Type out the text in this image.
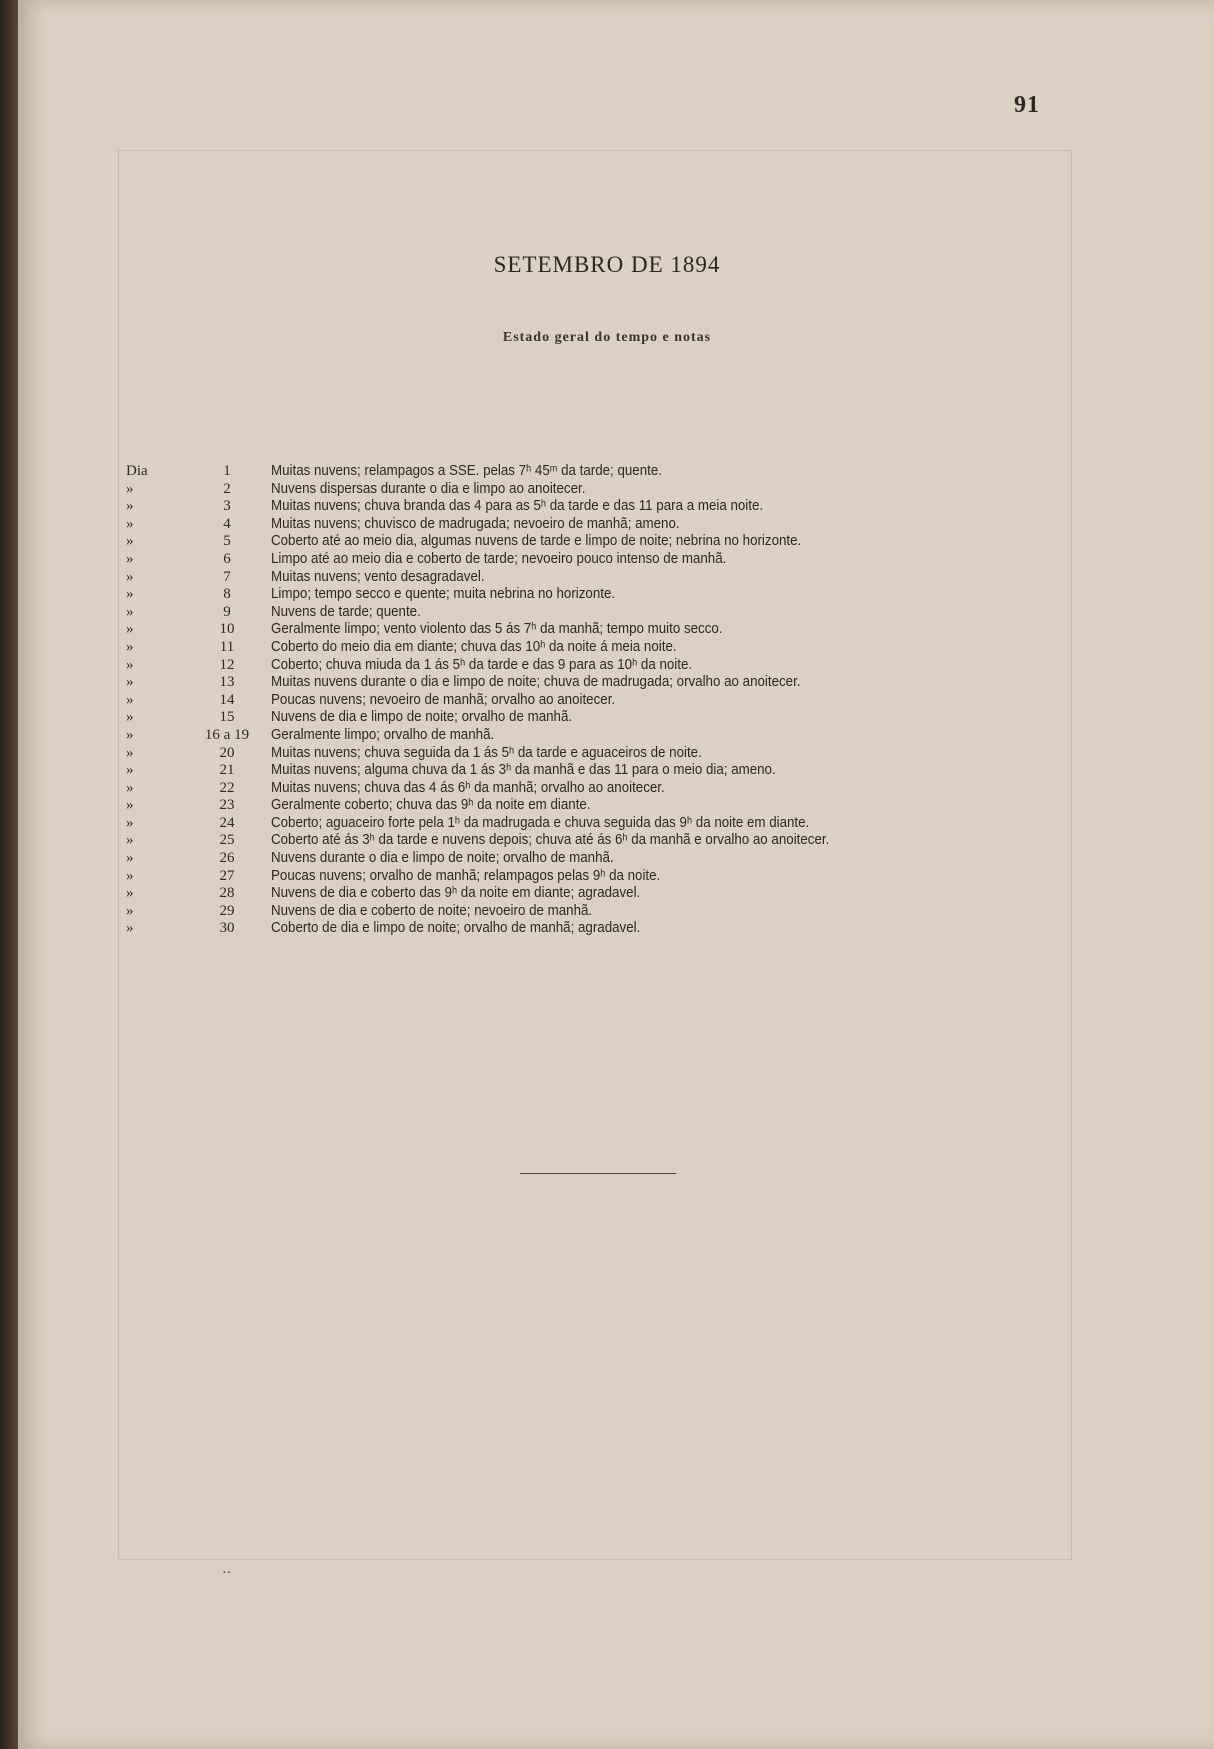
91
SETEMBRO DE 1894
Estado geral do tempo e notas
Dia	1	Muitas nuvens; relampagos a SSE. pelas 7ʰ 45ᵐ da tarde; quente.
»	2	Nuvens dispersas durante o dia e limpo ao anoitecer.
»	3	Muitas nuvens; chuva branda das 4 para as 5ʰ da tarde e das 11 para a meia noite.
»	4	Muitas nuvens; chuvisco de madrugada; nevoeiro de manhã; ameno.
»	5	Coberto até ao meio dia, algumas nuvens de tarde e limpo de noite; nebrina no horizonte.
»	6	Limpo até ao meio dia e coberto de tarde; nevoeiro pouco intenso de manhã.
»	7	Muitas nuvens; vento desagradavel.
»	8	Limpo; tempo secco e quente; muita nebrina no horizonte.
»	9	Nuvens de tarde; quente.
»	10	Geralmente limpo; vento violento das 5 ás 7ʰ da manhã; tempo muito secco.
»	11	Coberto do meio dia em diante; chuva das 10ʰ da noite á meia noite.
»	12	Coberto; chuva miuda da 1 ás 5ʰ da tarde e das 9 para as 10ʰ da noite.
»	13	Muitas nuvens durante o dia e limpo de noite; chuva de madrugada; orvalho ao anoitecer.
»	14	Poucas nuvens; nevoeiro de manhã; orvalho ao anoitecer.
»	15	Nuvens de dia e limpo de noite; orvalho de manhã.
»	16 a 19	Geralmente limpo; orvalho de manhã.
»	20	Muitas nuvens; chuva seguida da 1 ás 5ʰ da tarde e aguaceiros de noite.
»	21	Muitas nuvens; alguma chuva da 1 ás 3ʰ da manhã e das 11 para o meio dia; ameno.
»	22	Muitas nuvens; chuva das 4 ás 6ʰ da manhã; orvalho ao anoitecer.
»	23	Geralmente coberto; chuva das 9ʰ da noite em diante.
»	24	Coberto; aguaceiro forte pela 1ʰ da madrugada e chuva seguida das 9ʰ da noite em diante.
»	25	Coberto até ás 3ʰ da tarde e nuvens depois; chuva até ás 6ʰ da manhã e orvalho ao anoitecer.
»	26	Nuvens durante o dia e limpo de noite; orvalho de manhã.
»	27	Poucas nuvens; orvalho de manhã; relampagos pelas 9ʰ da noite.
»	28	Nuvens de dia e coberto das 9ʰ da noite em diante; agradavel.
»	29	Nuvens de dia e coberto de noite; nevoeiro de manhã.
»	30	Coberto de dia e limpo de noite; orvalho de manhã; agradavel.
··
